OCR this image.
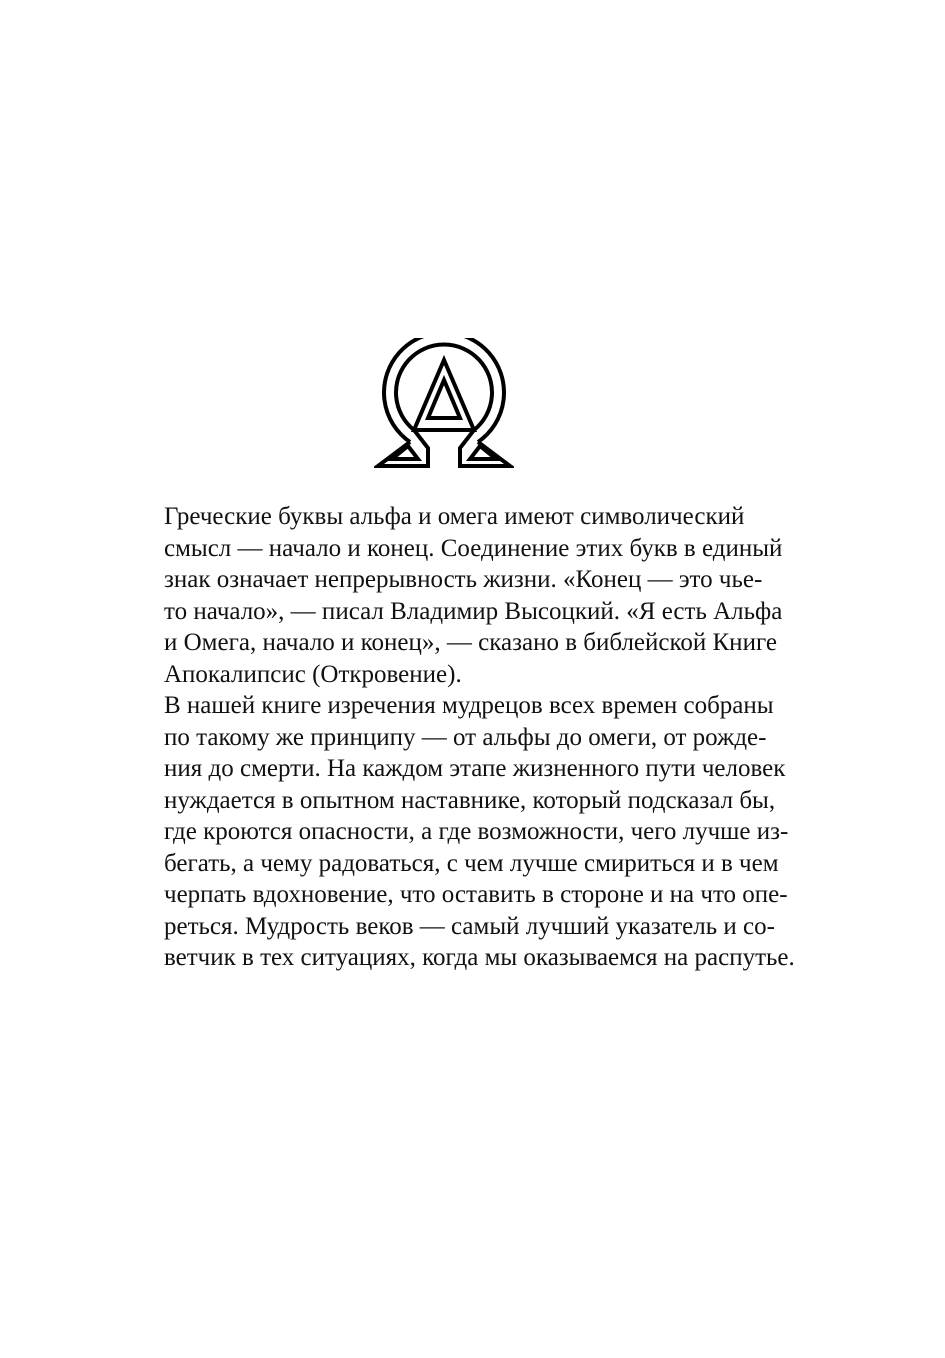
Греческие буквы альфа и омега имеют символический
смысл — начало и конец. Соединение этих букв в единый
знак означает непрерывность жизни. «Конец — это чье-
то начало», — писал Владимир Высоцкий. «Я есть Альфа
и Омега, начало и конец», — сказано в библейской Книге
Апокалипсис (Откровение).
В нашей книге изречения мудрецов всех времен собраны
по такому же принципу — от альфы до омеги, от рожде-
ния до смерти. На каждом этапе жизненного пути человек
нуждается в опытном наставнике, который подсказал бы,
где кроются опасности, а где возможности, чего лучше из-
бегать, а чему радоваться, с чем лучше смириться и в чем
черпать вдохновение, что оставить в стороне и на что опе-
реться. Мудрость веков — самый лучший указатель и со-
ветчик в тех ситуациях, когда мы оказываемся на распутье.
